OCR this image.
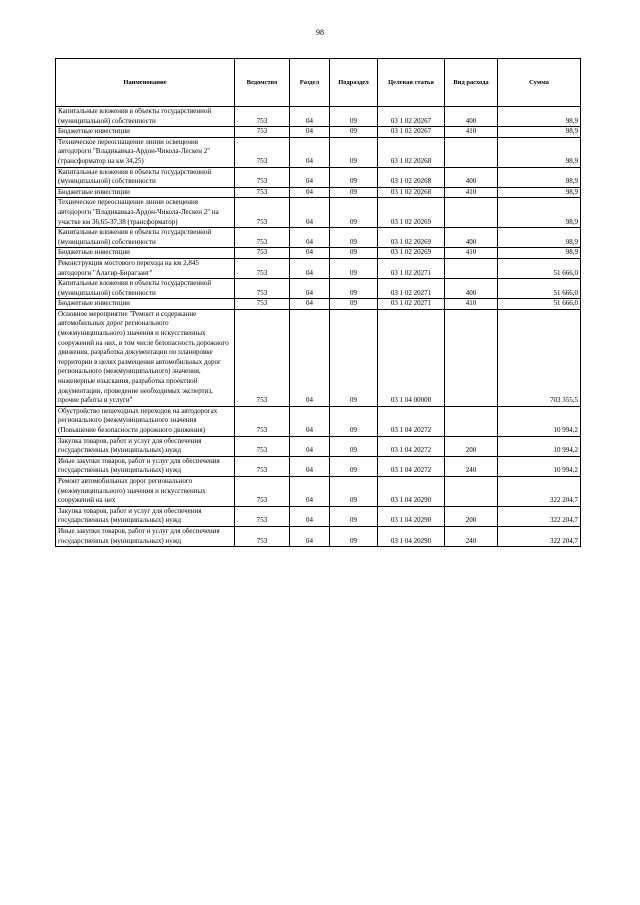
98
Наименование	Ведомство	Раздел	Подраздел	Целевая статья	Вид расхода	Сумма
Капитальные вложения в объекты государственной (муниципальной) собственности	753	04	09	03 1 02 20267	400	98,9
Бюджетные инвестиции	753	04	09	03 1 02 20267	410	98,9
Техническое переоснащение линии освещения автодороги "Владикавказ-Ардон-Чикола-Лескен 2" (трансформатор на км 34,25)	753	04	09	03 1 02 20268		98,9
Капитальные вложения в объекты государственной (муниципальной) собственности	753	04	09	03 1 02 20268	400	98,9
Бюджетные инвестиции	753	04	09	03 1 02 20268	410	98,9
Техническое переоснащение линии освещения автодороги "Владикавказ-Ардон-Чикола-Лескен 2" на участке км 36,65-37,38 (трансформатор)	753	04	09	03 1 02 20269		98,9
Капитальные вложения в объекты государственной (муниципальной) собственности	753	04	09	03 1 02 20269	400	98,9
Бюджетные инвестиции	753	04	09	03 1 02 20269	410	98,9
Реконструкция мостового перехода на км 2,845 автодороги "Алагир-Бирагзанг"	753	04	09	03 1 02 20271		51 666,0
Капитальные вложения в объекты государственной (муниципальной) собственности	753	04	09	03 1 02 20271	400	51 666,0
Бюджетные инвестиции	753	04	09	03 1 02 20271	410	51 666,0
Основное мероприятие "Ремонт и содержание автомобильных дорог регионального (межмуниципального) значения и искусственных сооружений на них, в том числе безопасность дорожного движения, разработка документации по планировке территории в целях размещения автомобильных дорог регионального (межмуниципального) значения, инженерные изыскания, разработка проектной документации, проведение необходимых экспертиз, прочие работы и услуги"	753	04	09	03 1 04 00000		703 355,5
Обустройство пешеходных переходов на автодорогах регионального (межмуниципального значения (Повышение безопасности дорожного движения)	753	04	09	03 1 04 20272		10 994,2
Закупка товаров, работ и услуг для обеспечения государственных (муниципальных) нужд	753	04	09	03 1 04 20272	200	10 994,2
Иные закупки товаров, работ и услуг для обеспечения государственных (муниципальных) нужд	753	04	09	03 1 04 20272	240	10 994,2
Ремонт автомобильных дорог регионального (межмуниципального) значения и искусственных сооружений на них	753	04	09	03 1 04 20290		322 204,7
Закупка товаров, работ и услуг для обеспечения государственных (муниципальных) нужд	753	04	09	03 1 04 20290	200	322 204,7
Иные закупки товаров, работ и услуг для обеспечения государственных (муниципальных) нужд	753	04	09	03 1 04 20290	240	322 204,7
